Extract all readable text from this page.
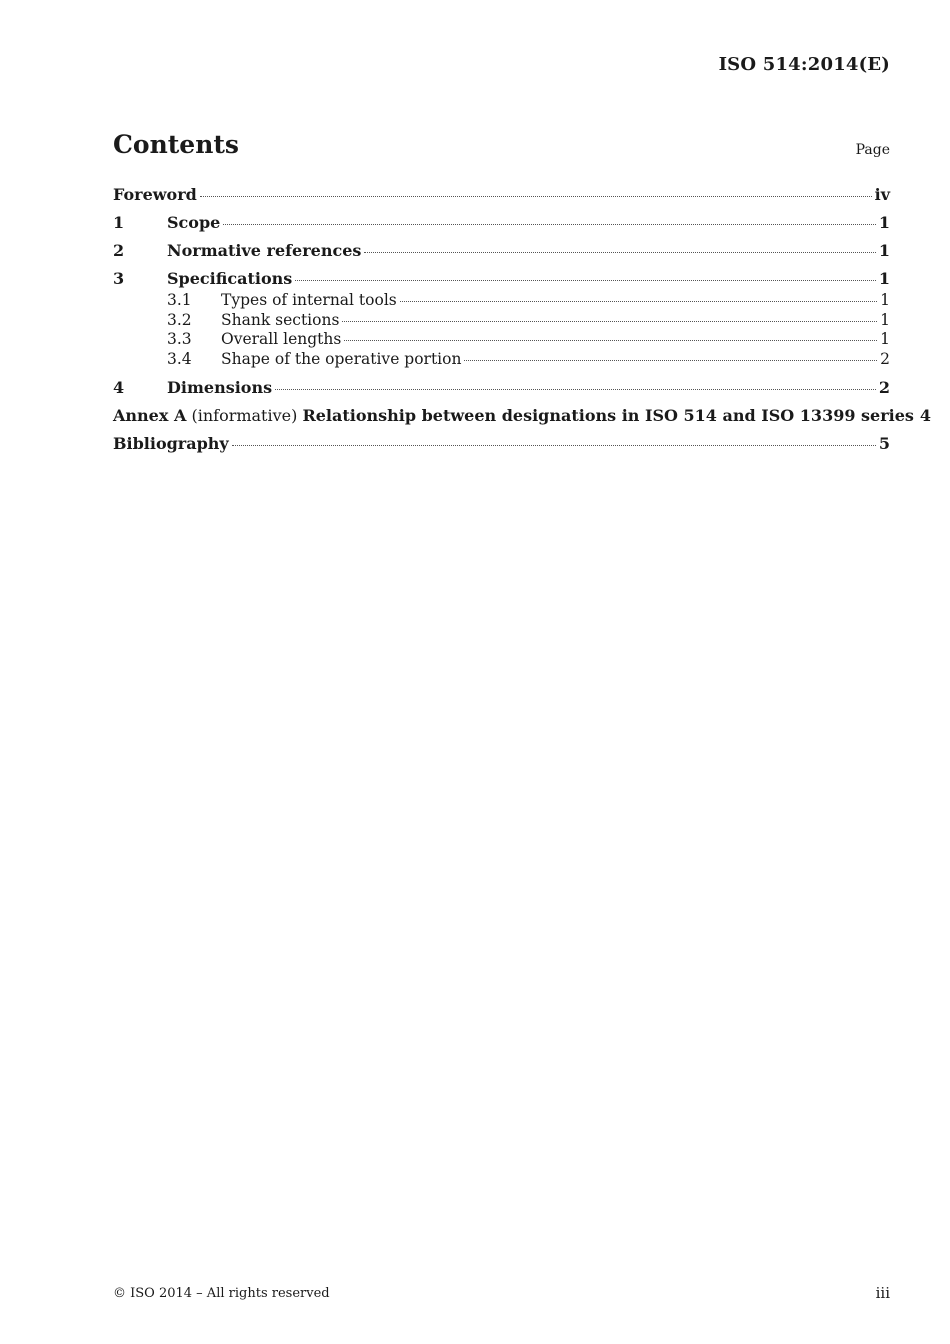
ISO 514:2014(E)
Contents	Page
Foreword	iv
1	Scope	1
2	Normative references	1
3	Specifications	1
3.1	Types of internal tools	1
3.2	Shank sections	1
3.3	Overall lengths	1
3.4	Shape of the operative portion	2
4	Dimensions	2
Annex A (informative) Relationship between designations in ISO 514 and ISO 13399 series 4
Bibliography	5
© ISO 2014 – All rights reserved	iii
